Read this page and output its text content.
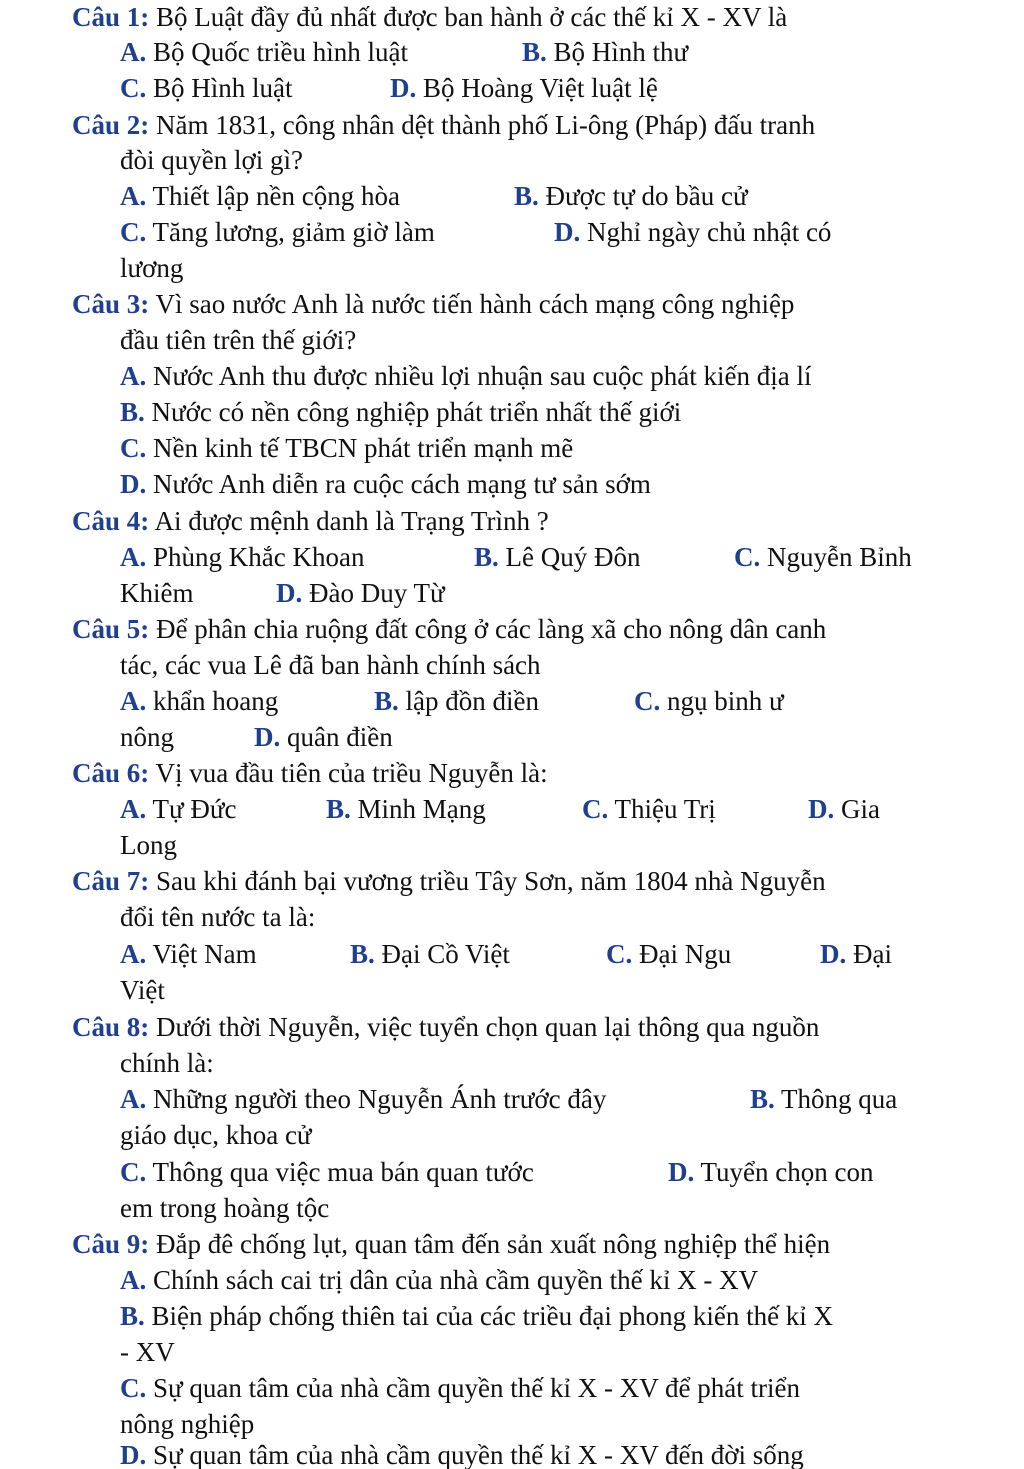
Câu 1: Bộ Luật đầy đủ nhất được ban hành ở các thế kỉ X - XV là
A. Bộ Quốc triều hình luật	B. Bộ Hình thư
C. Bộ Hình luật	D. Bộ Hoàng Việt luật lệ
Câu 2: Năm 1831, công nhân dệt thành phố Li-ông (Pháp) đấu tranh
đòi quyền lợi gì?
A. Thiết lập nền cộng hòa	B. Được tự do bầu cử
C. Tăng lương, giảm giờ làm	D. Nghỉ ngày chủ nhật có
lương
Câu 3: Vì sao nước Anh là nước tiến hành cách mạng công nghiệp
đầu tiên trên thế giới?
A. Nước Anh thu được nhiều lợi nhuận sau cuộc phát kiến địa lí
B. Nước có nền công nghiệp phát triển nhất thế giới
C. Nền kinh tế TBCN phát triển mạnh mẽ
D. Nước Anh diễn ra cuộc cách mạng tư sản sớm
Câu 4: Ai được mệnh danh là Trạng Trình ?
A. Phùng Khắc Khoan	B. Lê Quý Đôn	C. Nguyễn Bỉnh
Khiêm	D. Đào Duy Từ
Câu 5: Để phân chia ruộng đất công ở các làng xã cho nông dân canh
tác, các vua Lê đã ban hành chính sách
A. khẩn hoang	B. lập đồn điền	C. ngụ binh ư
nông	D. quân điền
Câu 6: Vị vua đầu tiên của triều Nguyễn là:
A. Tự Đức	B. Minh Mạng	C. Thiệu Trị	D. Gia
Long
Câu 7: Sau khi đánh bại vương triều Tây Sơn, năm 1804 nhà Nguyễn
đổi tên nước ta là:
A. Việt Nam	B. Đại Cồ Việt	C. Đại Ngu	D. Đại
Việt
Câu 8: Dưới thời Nguyễn, việc tuyển chọn quan lại thông qua nguồn
chính là:
A. Những người theo Nguyễn Ánh trước đây	B. Thông qua
giáo dục, khoa cử
C. Thông qua việc mua bán quan tước	D. Tuyển chọn con
em trong hoàng tộc
Câu 9: Đắp đê chống lụt, quan tâm đến sản xuất nông nghiệp thể hiện
A. Chính sách cai trị dân của nhà cầm quyền thế kỉ X - XV
B. Biện pháp chống thiên tai của các triều đại phong kiến thế kỉ X
- XV
C. Sự quan tâm của nhà cầm quyền thế kỉ X - XV để phát triển
nông nghiệp
D. Sự quan tâm của nhà cầm quyền thế kỉ X - XV đến đời sống
